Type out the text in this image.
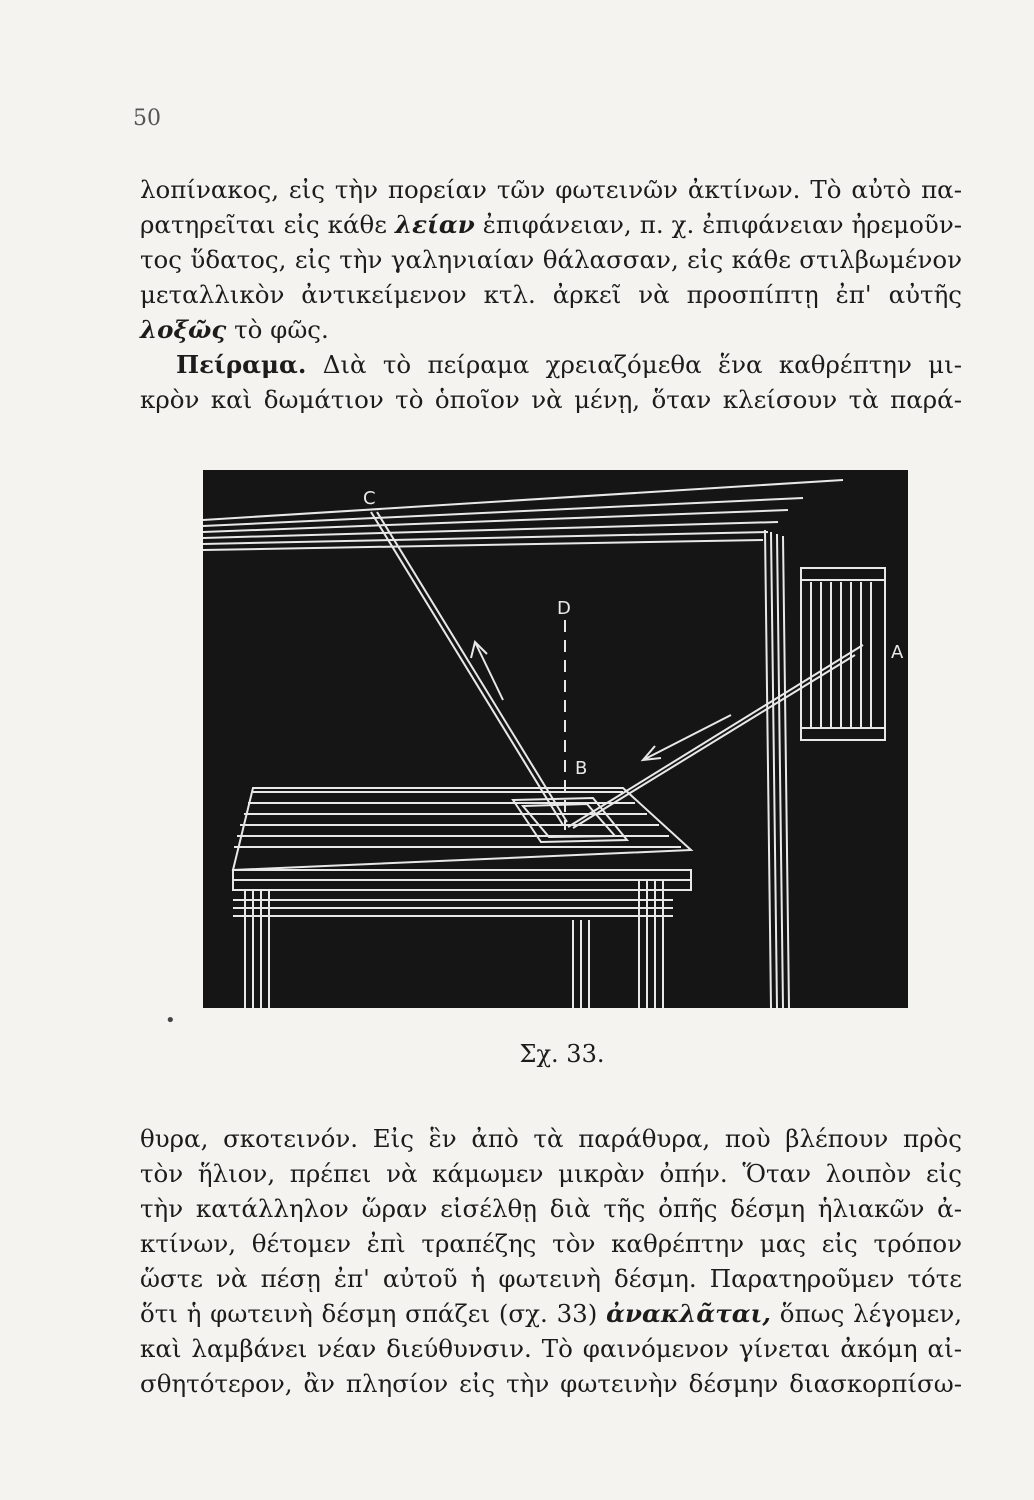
50
λοπίνακος, εἰς τὴν πορείαν τῶν φωτεινῶν ἀκτίνων. Τὸ αὐτὸ πα-
ρατηρεῖται εἰς κάθε λείαν ἐπιφάνειαν, π. χ. ἐπιφάνειαν ἠρεμοῦν-
τος ὕδατος, εἰς τὴν γαληνιαίαν θάλασσαν, εἰς κάθε στιλβωμένον
μεταλλικὸν ἀντικείμενον κτλ. ἀρκεῖ νὰ προσπίπτῃ ἐπ' αὐτῆς
λοξῶς τὸ φῶς.
Πείραμα. Διὰ τὸ πείραμα χρειαζόμεθα ἕνα καθρέπτην μι-
κρὸν καὶ δωμάτιον τὸ ὁποῖον νὰ μένῃ, ὅταν κλείσουν τὰ παρά-
C
D
B
A
Σχ. 33.
θυρα, σκοτεινόν. Εἰς ἓν ἀπὸ τὰ παράθυρα, ποὺ βλέπουν πρὸς
τὸν ἥλιον, πρέπει νὰ κάμωμεν μικρὰν ὀπήν. Ὅταν λοιπὸν εἰς
τὴν κατάλληλον ὥραν εἰσέλθῃ διὰ τῆς ὀπῆς δέσμη ἡλιακῶν ἀ-
κτίνων, θέτομεν ἐπὶ τραπέζης τὸν καθρέπτην μας εἰς τρόπον
ὥστε νὰ πέσῃ ἐπ' αὐτοῦ ἡ φωτεινὴ δέσμη. Παρατηροῦμεν τότε
ὅτι ἡ φωτεινὴ δέσμη σπάζει (σχ. 33) ἀνακλᾶται, ὅπως λέγομεν,
καὶ λαμβάνει νέαν διεύθυνσιν. Τὸ φαινόμενον γίνεται ἀκόμη αἰ-
σθητότερον, ἂν πλησίον εἰς τὴν φωτεινὴν δέσμην διασκορπίσω-
•
